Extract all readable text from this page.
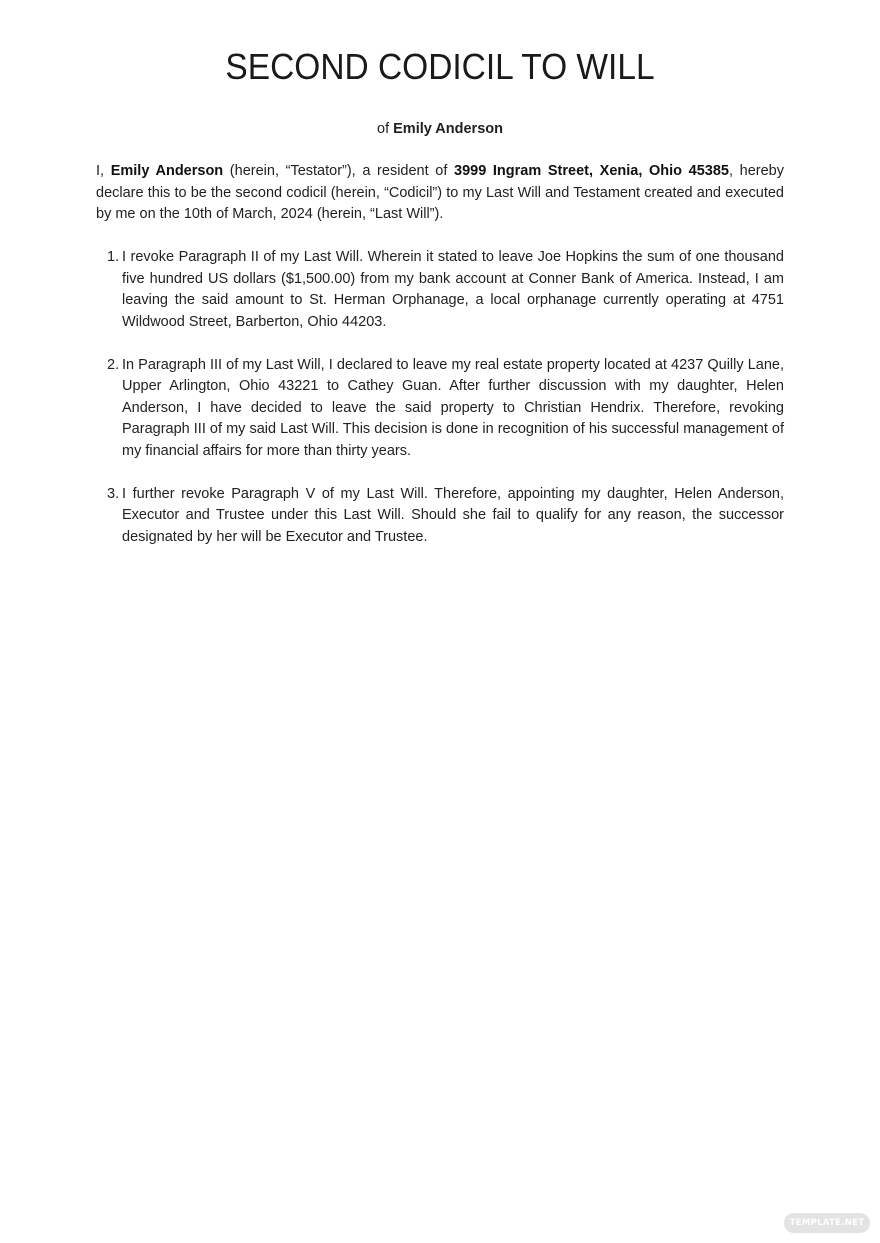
SECOND CODICIL TO WILL
of Emily Anderson

I, Emily Anderson (herein, “Testator”), a resident of 3999 Ingram Street, Xenia, Ohio 45385, hereby declare this to be the second codicil (herein, “Codicil”) to my Last Will and Testament created and executed by me on the 10th of March, 2024 (herein, “Last Will”).

1. I revoke Paragraph II of my Last Will. Wherein it stated to leave Joe Hopkins the sum of one thousand five hundred US dollars ($1,500.00) from my bank account at Conner Bank of America. Instead, I am leaving the said amount to St. Herman Orphanage, a local orphanage currently operating at 4751 Wildwood Street, Barberton, Ohio 44203.
2. In Paragraph III of my Last Will, I declared to leave my real estate property located at 4237 Quilly Lane, Upper Arlington, Ohio 43221 to Cathey Guan. After further discussion with my daughter, Helen Anderson, I have decided to leave the said property to Christian Hendrix. Therefore, revoking Paragraph III of my said Last Will. This decision is done in recognition of his successful management of my financial affairs for more than thirty years.
3. I further revoke Paragraph V of my Last Will. Therefore, appointing my daughter, Helen Anderson, Executor and Trustee under this Last Will. Should she fail to qualify for any reason, the successor designated by her will be Executor and Trustee.
TEMPLATE.NET
